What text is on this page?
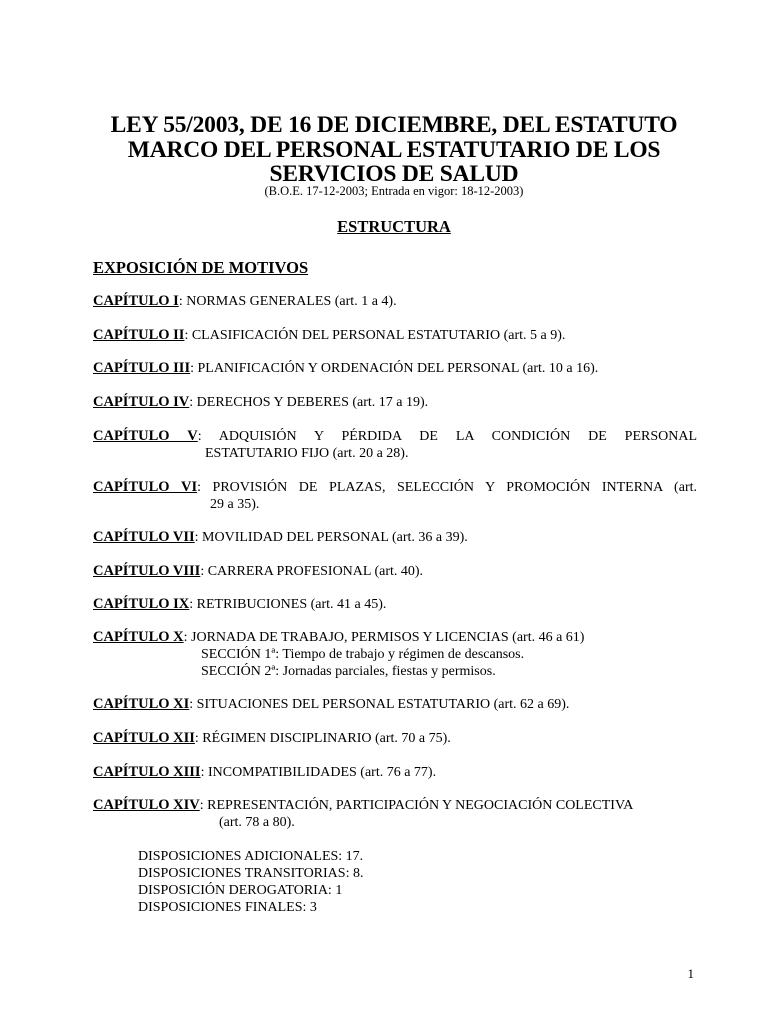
LEY 55/2003, DE 16 DE DICIEMBRE, DEL ESTATUTO
MARCO DEL PERSONAL ESTATUTARIO DE LOS
SERVICIOS DE SALUD
(B.O.E. 17-12-2003; Entrada en vigor: 18-12-2003)
ESTRUCTURA
EXPOSICIÓN DE MOTIVOS
CAPÍTULO I: NORMAS GENERALES (art. 1 a 4).
CAPÍTULO II: CLASIFICACIÓN DEL PERSONAL ESTATUTARIO (art. 5 a 9).
CAPÍTULO III: PLANIFICACIÓN Y ORDENACIÓN DEL PERSONAL (art. 10 a 16).
CAPÍTULO IV: DERECHOS Y DEBERES (art. 17 a 19).
CAPÍTULO V: ADQUISIÓN Y PÉRDIDA DE LA CONDICIÓN DE PERSONAL
ESTATUTARIO FIJO (art. 20 a 28).
CAPÍTULO VI: PROVISIÓN DE PLAZAS, SELECCIÓN Y PROMOCIÓN INTERNA (art.
29 a 35).
CAPÍTULO VII: MOVILIDAD DEL PERSONAL (art. 36 a 39).
CAPÍTULO VIII: CARRERA PROFESIONAL (art. 40).
CAPÍTULO IX: RETRIBUCIONES (art. 41 a 45).
CAPÍTULO X: JORNADA DE TRABAJO, PERMISOS Y LICENCIAS (art. 46 a 61)
SECCIÓN 1ª: Tiempo de trabajo y régimen de descansos.
SECCIÓN 2ª: Jornadas parciales, fiestas y permisos.
CAPÍTULO XI: SITUACIONES DEL PERSONAL ESTATUTARIO (art. 62 a 69).
CAPÍTULO XII: RÉGIMEN DISCIPLINARIO (art. 70 a 75).
CAPÍTULO XIII: INCOMPATIBILIDADES (art. 76 a 77).
CAPÍTULO XIV: REPRESENTACIÓN, PARTICIPACIÓN Y NEGOCIACIÓN COLECTIVA
(art. 78 a 80).
DISPOSICIONES ADICIONALES: 17.
DISPOSICIONES TRANSITORIAS: 8.
DISPOSICIÓN DEROGATORIA: 1
DISPOSICIONES FINALES: 3
1
